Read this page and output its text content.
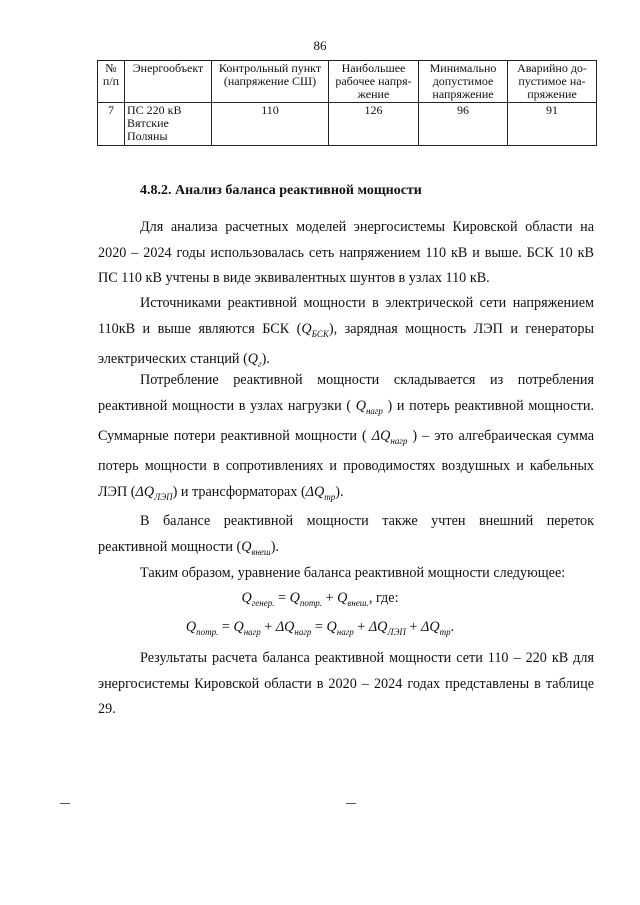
86
№ п/п	Энергообъект	Контрольный пункт (напряжение СШ)	Наибольшее рабочее напря-жение	Минимально допустимое напряжение	Аварийно до-пустимое на-пряжение
7	ПС 220 кВ Вятские Поляны	110	126	96	91
4.8.2. Анализ баланса реактивной мощности
Для анализа расчетных моделей энергосистемы Кировской области на 2020 – 2024 годы использовалась сеть напряжением 110 кВ и выше. БСК 10 кВ ПС 110 кВ учтены в виде эквивалентных шунтов в узлах 110 кВ.
Источниками реактивной мощности в электрической сети напряжением 110кВ и выше являются БСК $(Q_{БСК})$, зарядная мощность ЛЭП и генераторы электрических станций $(Q_г)$.
Потребление реактивной мощности складывается из потребления реактивной мощности в узлах нагрузки ( $Q_{нагр}$ ) и потерь реактивной мощности. Суммарные потери реактивной мощности ( $\Delta Q_{нагр}$ ) – это алгебраическая сумма потерь мощности в сопротивлениях и проводимостях воздушных и кабельных ЛЭП $(\Delta Q_{ЛЭП})$ и трансформаторах $(\Delta Q_{тр})$.
В балансе реактивной мощности также учтен внешний переток реактивной мощности $(Q_{внеш})$.
Таким образом, уравнение баланса реактивной мощности следующее:
$Q_{генер.} = Q_{потр.} + Q_{внеш.}$, где:
$Q_{потр.} = Q_{нагр} + \Delta Q_{нагр} = Q_{нагр} + \Delta Q_{ЛЭП} + \Delta Q_{тр}$.
Результаты расчета баланса реактивной мощности сети 110 – 220 кВ для энергосистемы Кировской области в 2020 – 2024 годах представлены в таблице 29.
